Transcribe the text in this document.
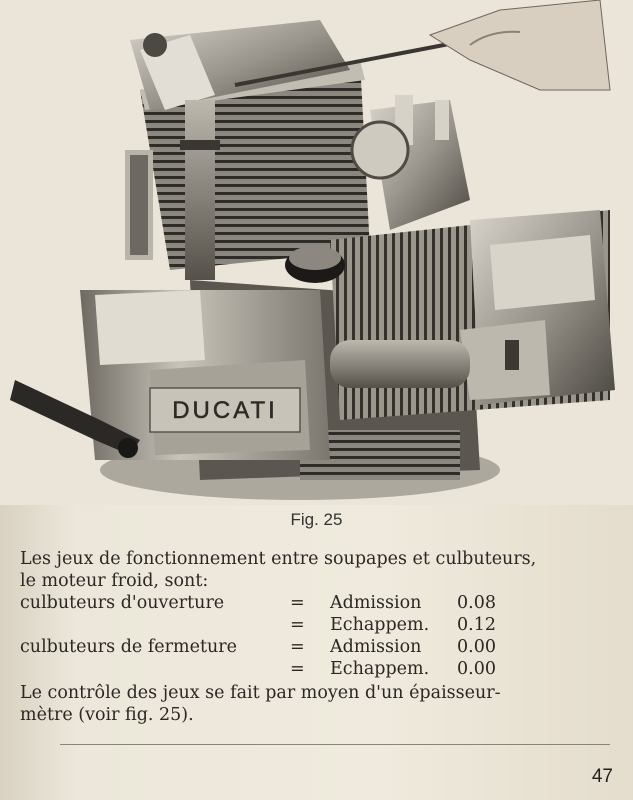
DUCATI
Fig. 25
Les jeux de fonctionnement entre soupapes et culbuteurs,
le moteur froid, sont:
culbuteurs d'ouverture	= Admission 0.08
= Echappem. 0.12
culbuteurs de fermeture	= Admission 0.00
= Echappem. 0.00
Le contrôle des jeux se fait par moyen d'un épaisseur-
mètre (voir fig. 25).
47
